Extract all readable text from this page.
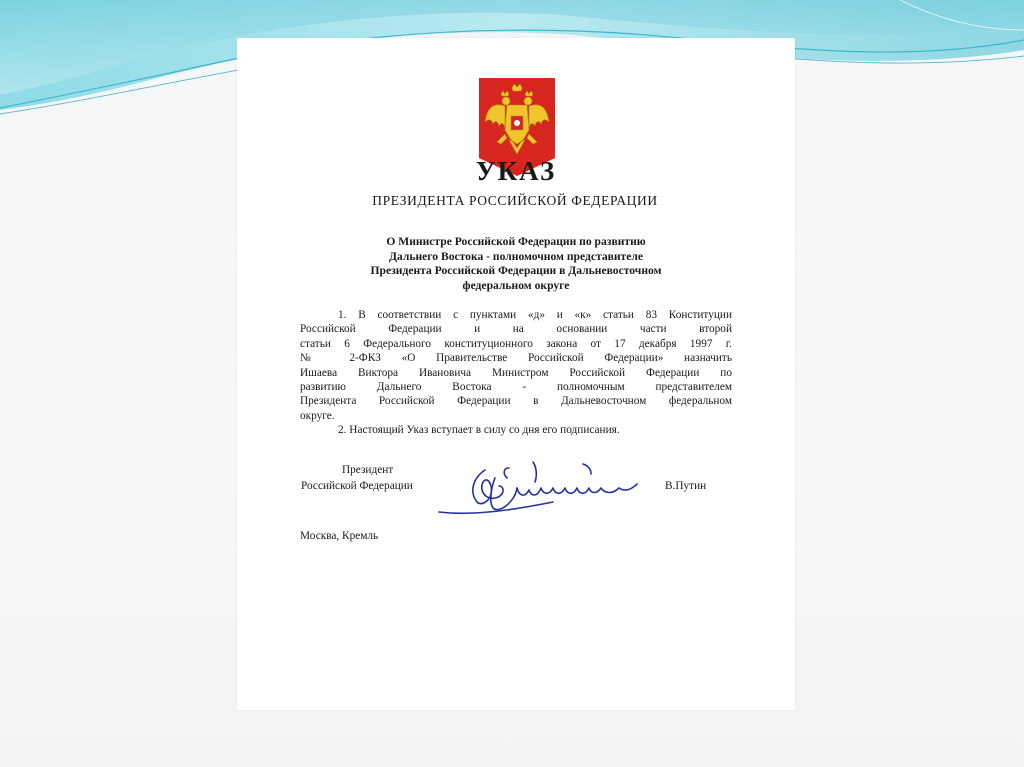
УКАЗ
ПРЕЗИДЕНТА РОССИЙСКОЙ ФЕДЕРАЦИИ
О Министре Российской Федерации по развитию
Дальнего Востока - полномочном представителе
Президента Российской Федерации в Дальневосточном
федеральном округе
1. В соответствии с пунктами «д» и «к» статьи 83 Конституции
Российской Федерации и на основании части второй
статьи 6 Федерального конституционного закона от 17 декабря 1997 г.
№ 2-ФКЗ «О Правительстве Российской Федерации» назначить
Ишаева Виктора Ивановича Министром Российской Федерации по
развитию Дальнего Востока - полномочным представителем
Президента Российской Федерации в Дальневосточном федеральном
округе.
2. Настоящий Указ вступает в силу со дня его подписания.
Президент
Российской Федерации	В.Путин
Москва, Кремль
